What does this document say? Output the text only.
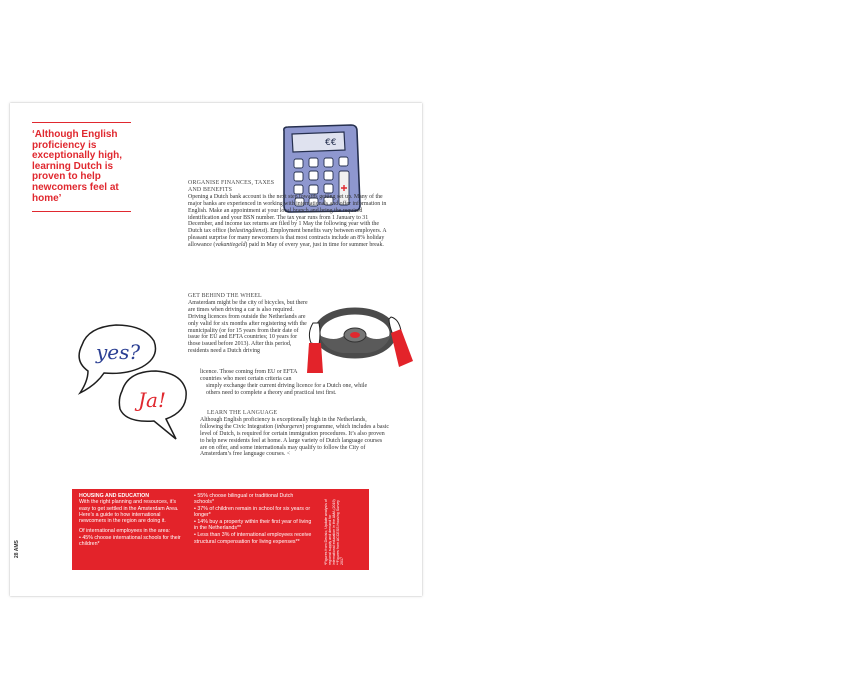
‘Although English proficiency is exceptionally high, learning Dutch is proven to help newcomers feel at home’
€€
yes?
Ja!
ORGANISE FINANCES, TAXES AND BENEFITS
Opening a Dutch bank account is the next step towards getting set up. Many of the major banks are experienced in working with internationals and offer information in English. Make an appointment at your local branch and bring the required identification and your BSN number. The tax year runs from 1 January to 31 December, and income tax returns are filed by 1 May the following year with the Dutch tax office (belastingdienst). Employment benefits vary between employers. A pleasant surprise for many newcomers is that most contracts include an 8% holiday allowance (vakantiegeld) paid in May of every year, just in time for summer break.
GET BEHIND THE WHEEL
Amsterdam might be the city of bicycles, but there are times when driving a car is also required. Driving licences from outside the Netherlands are only valid for six months after registering with the municipality (or for 15 years from their date of issue for EU and EFTA countries; 10 years for those issued before 2013). After this period, residents need a Dutch driving
licence. Those coming from EU or EFTA countries who meet certain criteria can
simply exchange their current driving licence for a Dutch one, while others need to complete a theory and practical test first.
LEARN THE LANGUAGE
Although English proficiency is exceptionally high in the Netherlands, following the Civic Integration (inburgeren) programme, which includes a basic level of Dutch, is required for certain immigration procedures. It’s also proven to help new residents feel at home. A large variety of Dutch language courses are on offer, and some internationals may qualify to follow the City of Amsterdam’s free language courses. <
HOUSING AND EDUCATION
With the right planning and resources, it’s easy to get settled in the Amsterdam Area. Here’s a guide to how international newcomers in the region are doing it.
Of international employees in the area:
• 45% choose international schools for their children*
• 55% choose bilingual or traditional Dutch schools*
• 37% of children remain in school for six years or longer*
• 14% buy a property within their first year of living in the Netherlands**
• Less than 3% of international employees receive structural compensation for living expenses**	*Figures from Decisio, Update analysis of regional supply and demand for international education in the AMA (2019) **Figures from ACCESS Housing Survey 2017
28 AMS
